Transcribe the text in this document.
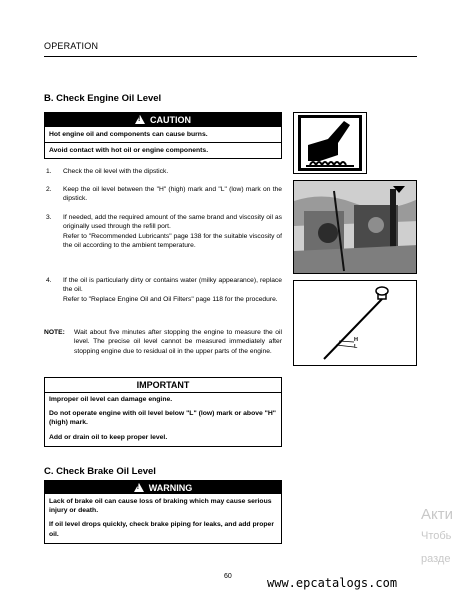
OPERATION
B. Check Engine Oil Level
!
CAUTION
Hot engine oil and components can cause burns.
Avoid contact with hot oil or engine components.
H
L
1. Check the oil level with the dipstick.
2. Keep the oil level between the "H" (high) mark and "L" (low) mark on the dipstick.
3. If needed, add the required amount of the same brand and viscosity oil as originally used through the refill port.
Refer to "Recommended Lubricants" page 138 for the suitable viscosity of the oil according to the ambient temperature.
4. If the oil is particularly dirty or contains water (milky appearance), replace the oil.
Refer to "Replace Engine Oil and Oil Filters" page 118 for the procedure.
NOTE: Wait about five minutes after stopping the engine to measure the oil level. The precise oil level cannot be measured immediately after stopping engine due to residual oil in the upper parts of the engine.
IMPORTANT
Improper oil level can damage engine.
Do not operate engine with oil level below "L" (low) mark or above "H" (high) mark.
Add or drain oil to keep proper level.
C. Check Brake Oil Level
!
WARNING
Lack of brake oil can cause loss of braking which may cause serious injury or death.
If oil level drops quickly, check brake piping for leaks, and add proper oil.
60
Акти
Чтобь
разде
www.epcatalogs.com
